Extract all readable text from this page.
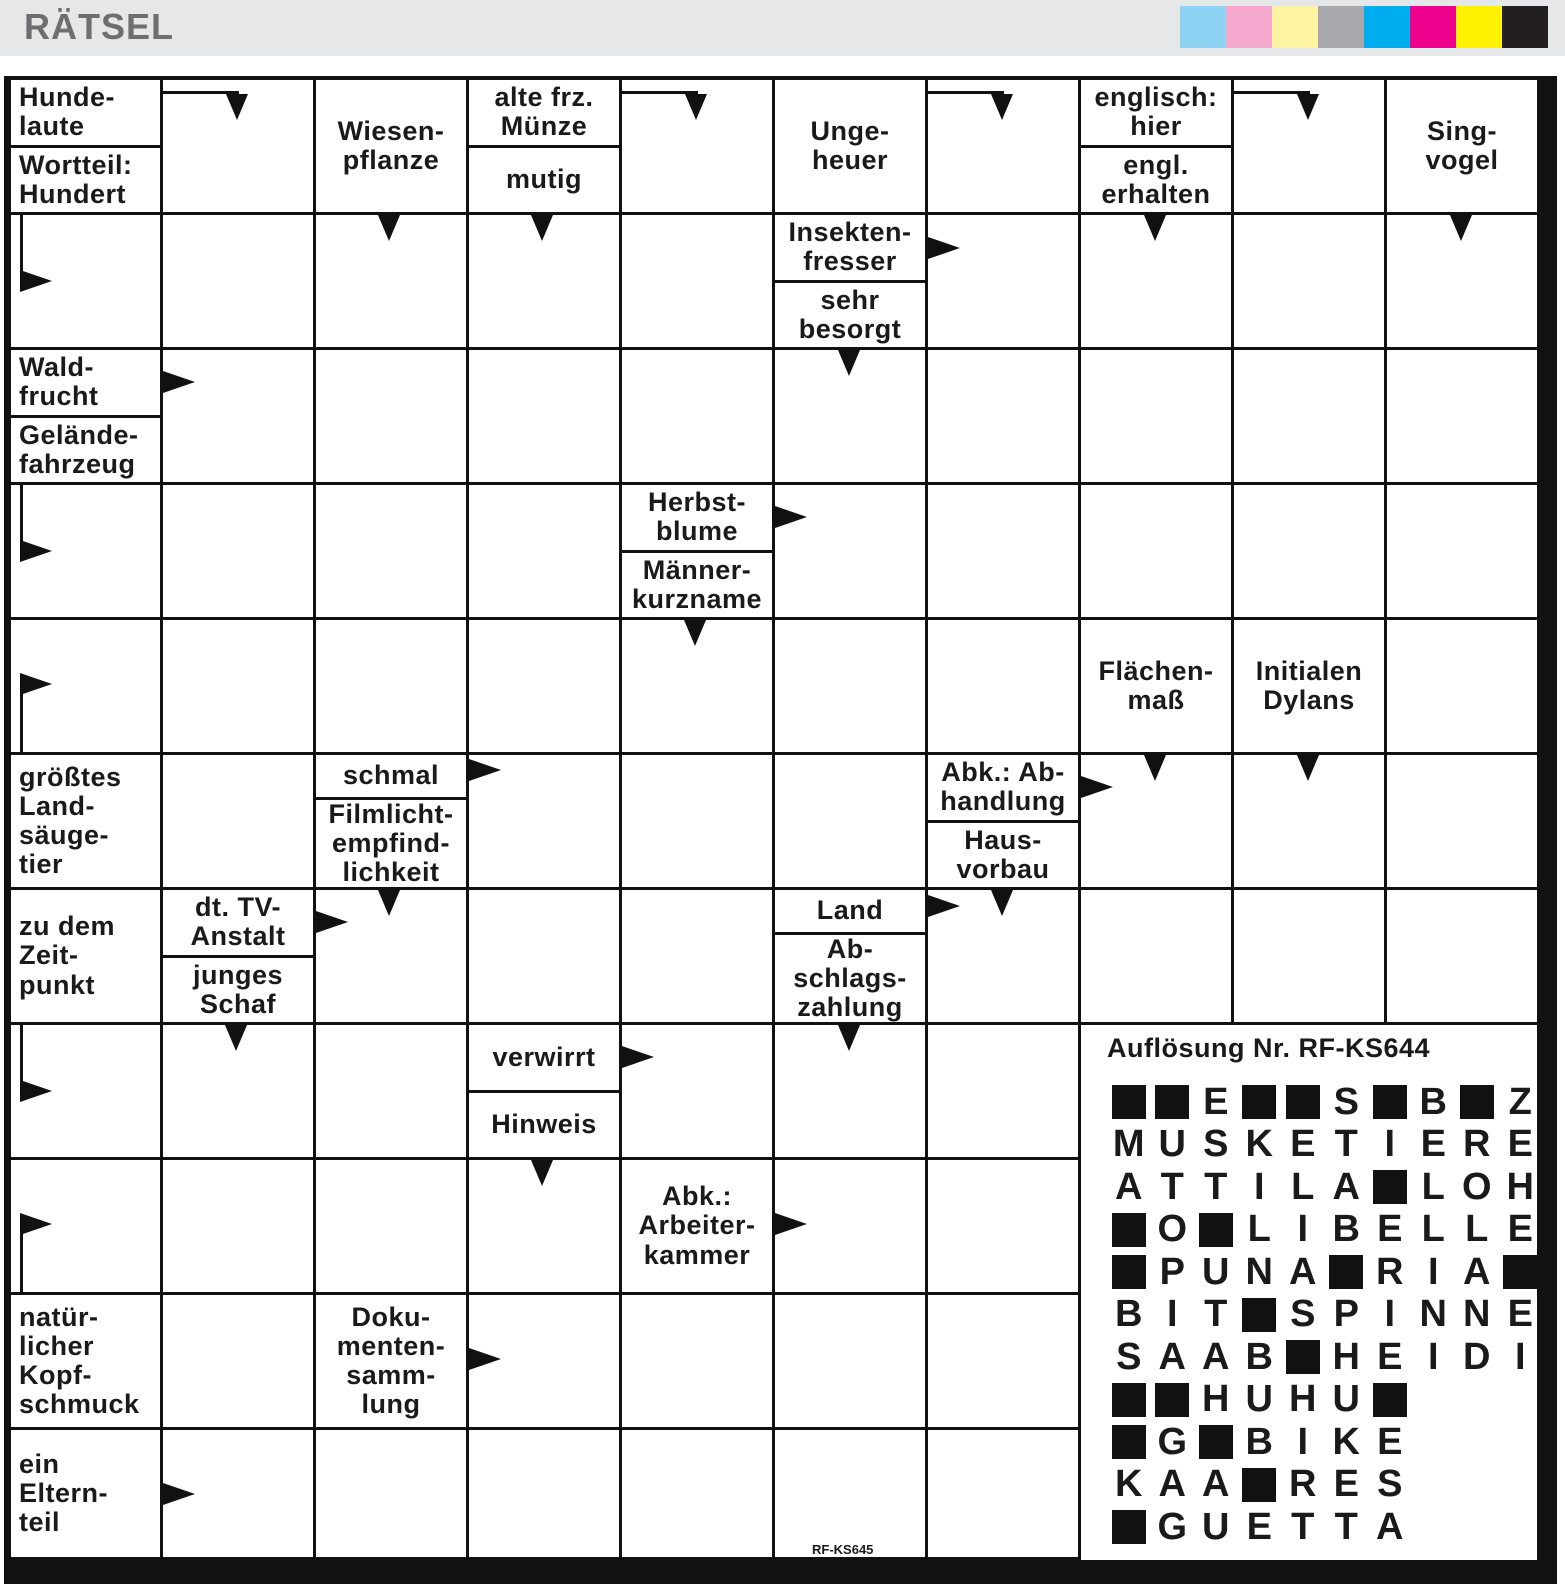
RÄTSEL
Hunde-
laute
Wortteil:
Hundert
Wiesen-
pflanze
alte frz.
Münze
mutig
Unge-
heuer
englisch:
hier
engl.
erhalten
Sing-
vogel
Insekten-
fresser
sehr
besorgt
Wald-
frucht
Gelände-
fahrzeug
Herbst-
blume
Männer-
kurzname
Flächen-
maß
Initialen
Dylans
größtes
Land-
säuge-
tier
schmal
Filmlicht-
empfind-
lichkeit
Abk.: Ab-
handlung
Haus-
vorbau
zu dem
Zeit-
punkt
dt. TV-
Anstalt
junges
Schaf
Land
Ab-
schlags-
zahlung
verwirrt
Hinweis
Abk.:
Arbeiter-
kammer
natür-
licher
Kopf-
schmuck
Doku-
menten-
samm-
lung
ein
Eltern-
teil
Auflösung Nr. RF-KS644
E	S B Z
M U S K E T I E R E
A T T I L A L O H
O L I B E L L E
P U N A R I A
B I T S P I N N E
S A A B H E I D I
H U H U
G B I K E
K A A R E S
G U E T T A
RF-KS645
